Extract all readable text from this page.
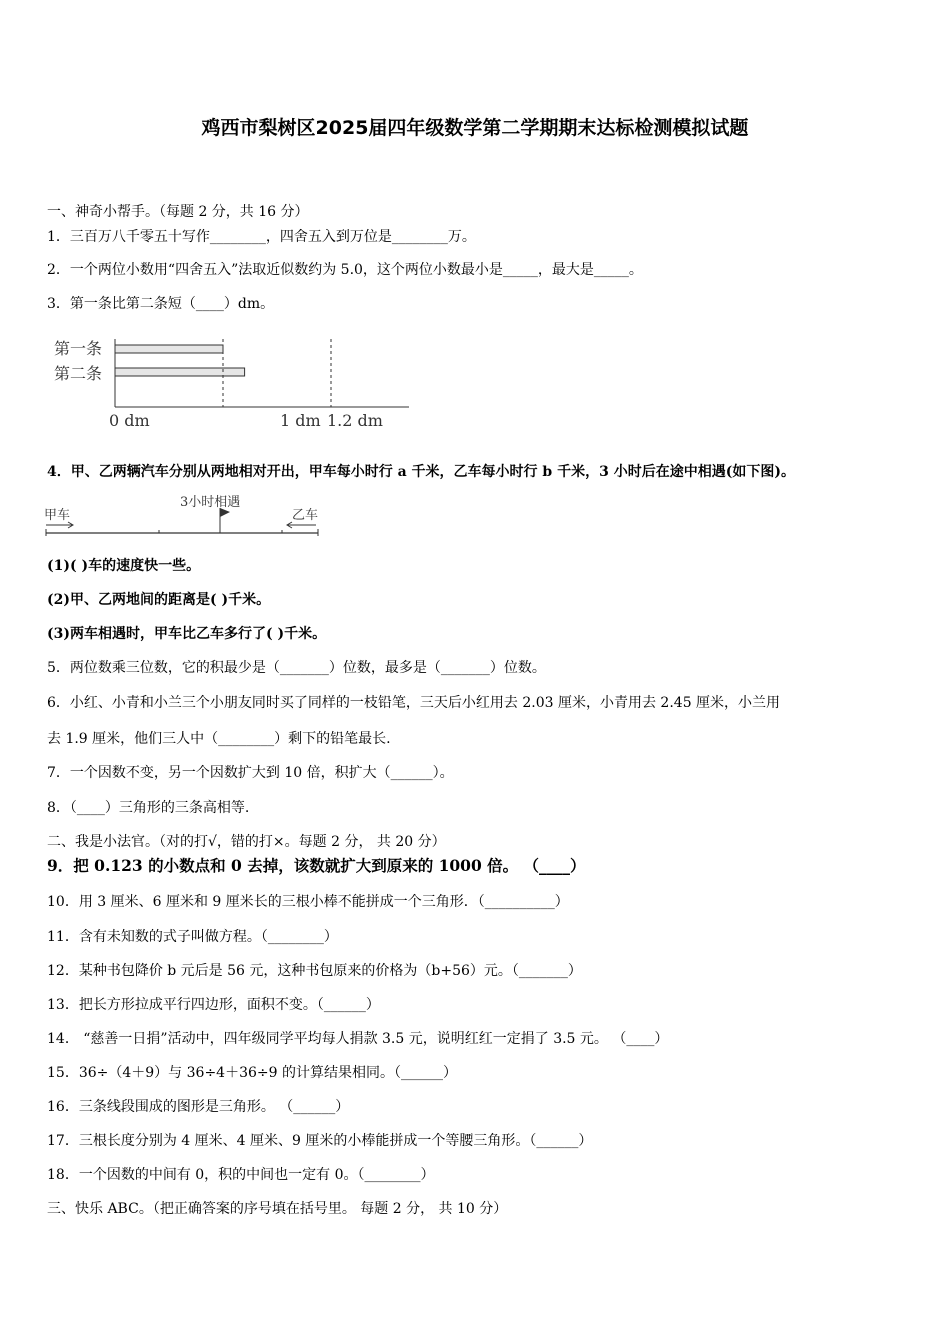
鸡西市梨树区2025届四年级数学第二学期期末达标检测模拟试题
一、神奇小帮手。（每题 2 分，共 16 分）
1．三百万八千零五十写作________，四舍五入到万位是________万。
2．一个两位小数用“四舍五入”法取近似数约为 5.0，这个两位小数最小是_____，最大是_____。
3．第一条比第二条短（____）dm。
第一条
第二条
0 dm	1 dm 1.2 dm
4．甲、乙两辆汽车分别从两地相对开出，甲车每小时行 a 千米，乙车每小时行 b 千米，3 小时后在途中相遇(如下图)。
甲车
3小时相遇
乙车
(1)( )车的速度快一些。
(2)甲、乙两地间的距离是( )千米。
(3)两车相遇时，甲车比乙车多行了( )千米。
5．两位数乘三位数，它的积最少是（_______）位数，最多是（_______）位数。
6．小红、小青和小兰三个小朋友同时买了同样的一枝铅笔，三天后小红用去 2.03 厘米，小青用去 2.45 厘米，小兰用
去 1.9 厘米，他们三人中（________）剩下的铅笔最长.
7．一个因数不变，另一个因数扩大到 10 倍，积扩大（______）。
8．（____）三角形的三条高相等.
二、我是小法官。（对的打√，错的打×。每题 2 分， 共 20 分）
9．把 0.123 的小数点和 0 去掉，该数就扩大到原来的 1000 倍。 （____）
10．用 3 厘米、6 厘米和 9 厘米长的三根小棒不能拼成一个三角形．（__________）
11．含有未知数的式子叫做方程。（________）
12．某种书包降价 b 元后是 56 元，这种书包原来的价格为（b+56）元。（_______）
13．把长方形拉成平行四边形，面积不变。（______）
14． “慈善一日捐”活动中，四年级同学平均每人捐款 3.5 元，说明红红一定捐了 3.5 元。 （____）
15．36÷（4＋9）与 36÷4＋36÷9 的计算结果相同。（______）
16．三条线段围成的图形是三角形。 （______）
17．三根长度分别为 4 厘米、4 厘米、9 厘米的小棒能拼成一个等腰三角形。（______）
18．一个因数的中间有 0，积的中间也一定有 0。（________）
三、快乐 ABC。（把正确答案的序号填在括号里。 每题 2 分， 共 10 分）
